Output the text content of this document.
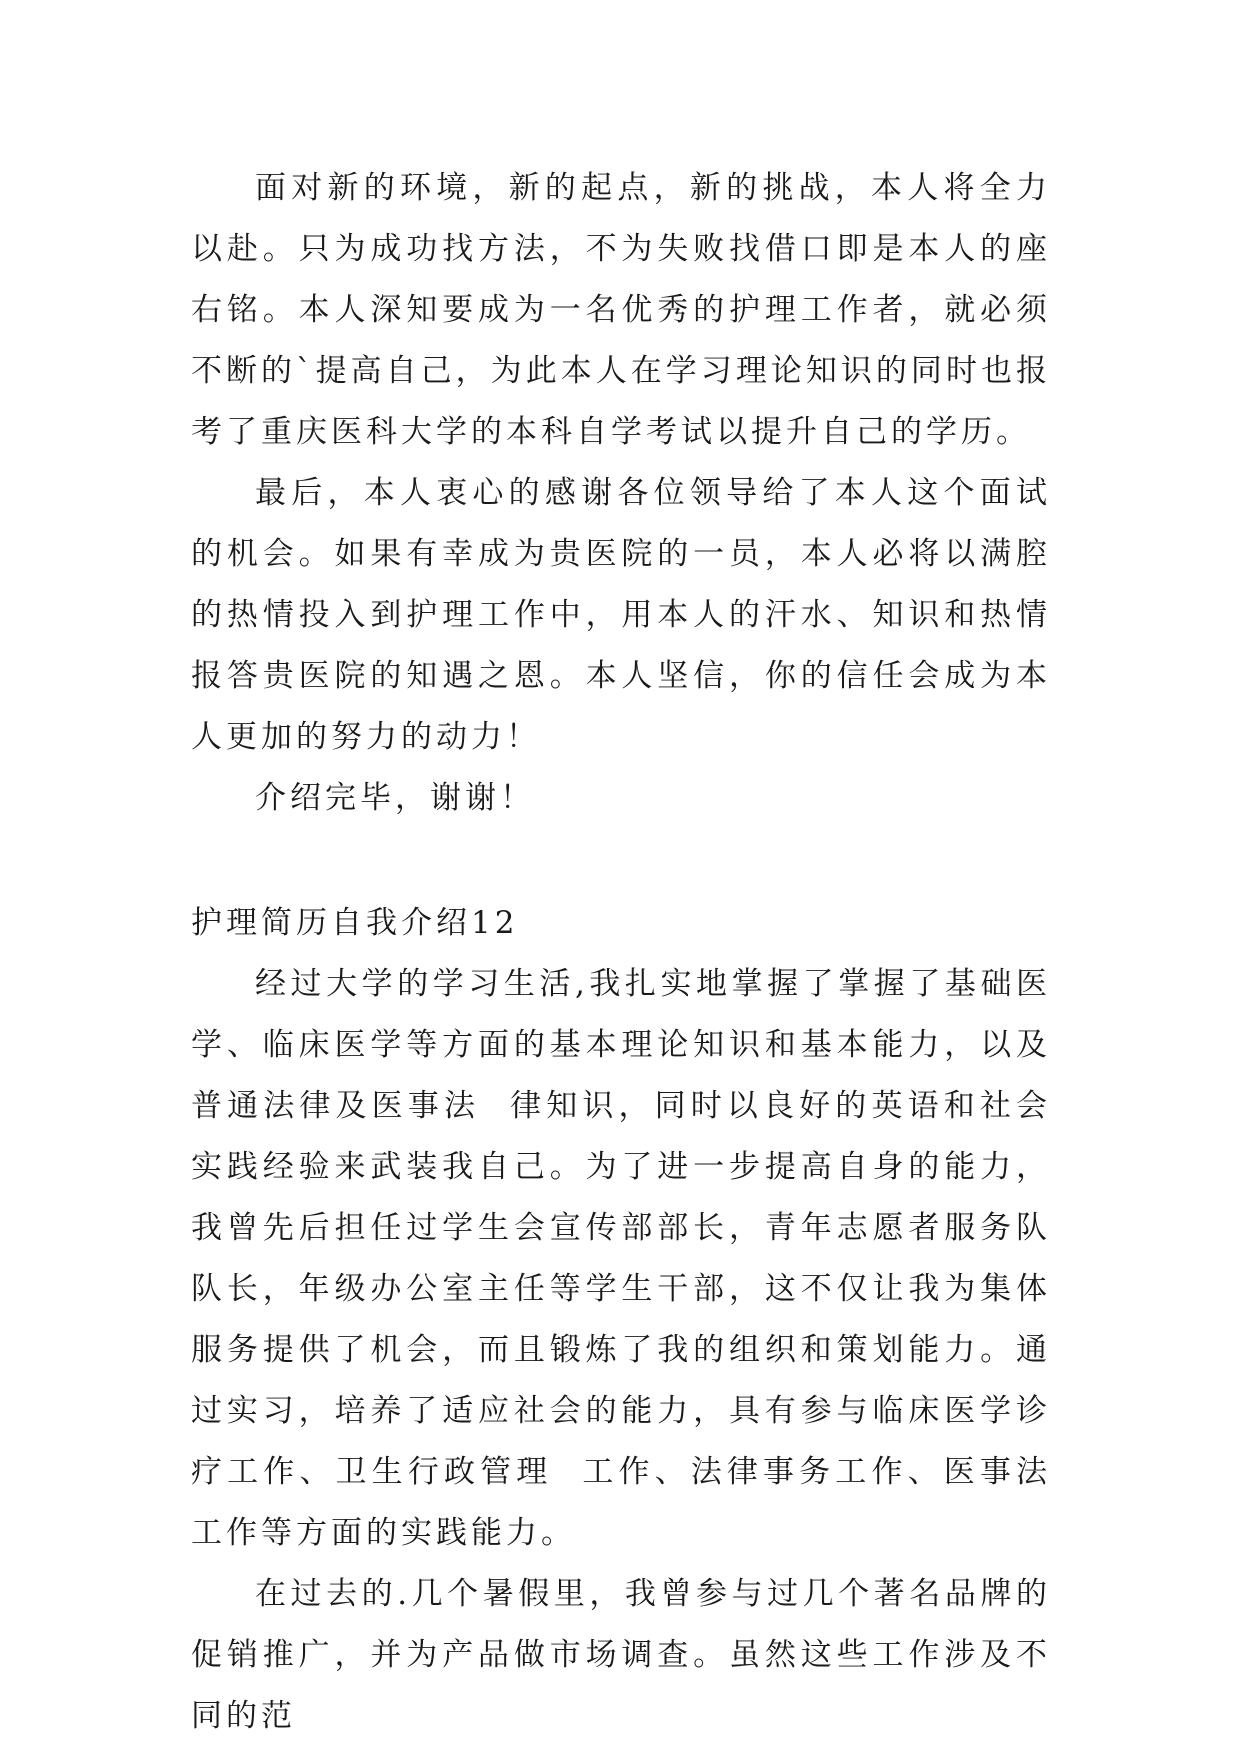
面对新的环境，新的起点，新的挑战，本人将全力以赴。只为成功找方法，不为失败找借口即是本人的座右铭。本人深知要成为一名优秀的护理工作者，就必须不断的`提高自己，为此本人在学习理论知识的同时也报考了重庆医科大学的本科自学考试以提升自己的学历。

最后，本人衷心的感谢各位领导给了本人这个面试的机会。如果有幸成为贵医院的一员，本人必将以满腔的热情投入到护理工作中，用本人的汗水、知识和热情报答贵医院的知遇之恩。本人坚信，你的信任会成为本人更加的努力的动力！

介绍完毕，谢谢！

护理简历自我介绍12

经过大学的学习生活,我扎实地掌握了掌握了基础医学、临床医学等方面的基本理论知识和基本能力，以及普通法律及医事法  律知识，同时以良好的英语和社会实践经验来武装我自己。为了进一步提高自身的能力，我曾先后担任过学生会宣传部部长，青年志愿者服务队队长，年级办公室主任等学生干部，这不仅让我为集体服务提供了机会，而且锻炼了我的组织和策划能力。通过实习，培养了适应社会的能力，具有参与临床医学诊疗工作、卫生行政管理  工作、法律事务工作、医事法工作等方面的实践能力。

在过去的.几个暑假里，我曾参与过几个著名品牌的促销推广，并为产品做市场调查。虽然这些工作涉及不同的范
